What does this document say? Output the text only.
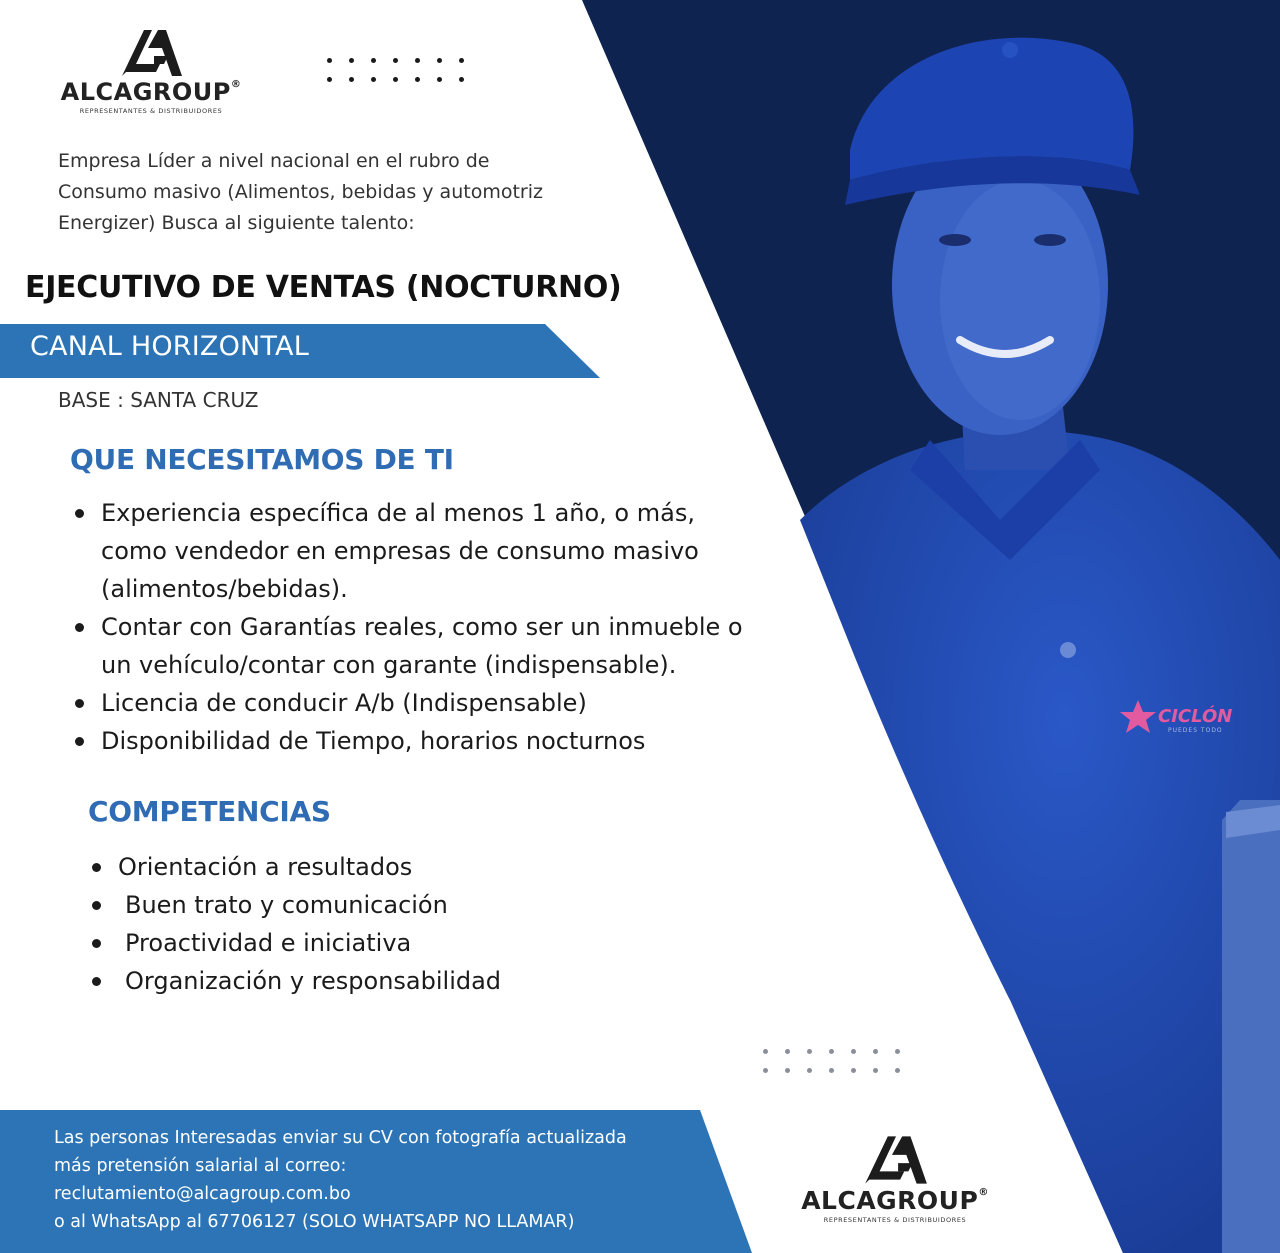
CICLÓN
PUEDES TODO
ALCAGROUP®
REPRESENTANTES & DISTRIBUIDORES
Empresa Líder a nivel nacional en el rubro de
Consumo masivo (Alimentos, bebidas y automotriz
Energizer) Busca al siguiente talento:
EJECUTIVO DE VENTAS (NOCTURNO)
CANAL HORIZONTAL
BASE : SANTA CRUZ
QUE NECESITAMOS DE TI
Experiencia específica de al menos 1 año, o más,
como vendedor en empresas de consumo masivo
(alimentos/bebidas).
Contar con Garantías reales, como ser un inmueble o
un vehículo/contar con garante (indispensable).
Licencia de conducir A/b (Indispensable)
Disponibilidad de Tiempo, horarios nocturnos
COMPETENCIAS
Orientación a resultados
Buen trato y comunicación
Proactividad e iniciativa
Organización y responsabilidad
Las personas Interesadas enviar su CV con fotografía actualizada
más pretensión salarial al correo:
reclutamiento@alcagroup.com.bo
o al WhatsApp al 67706127 (SOLO WHATSAPP NO LLAMAR)
ALCAGROUP®
REPRESENTANTES & DISTRIBUIDORES
